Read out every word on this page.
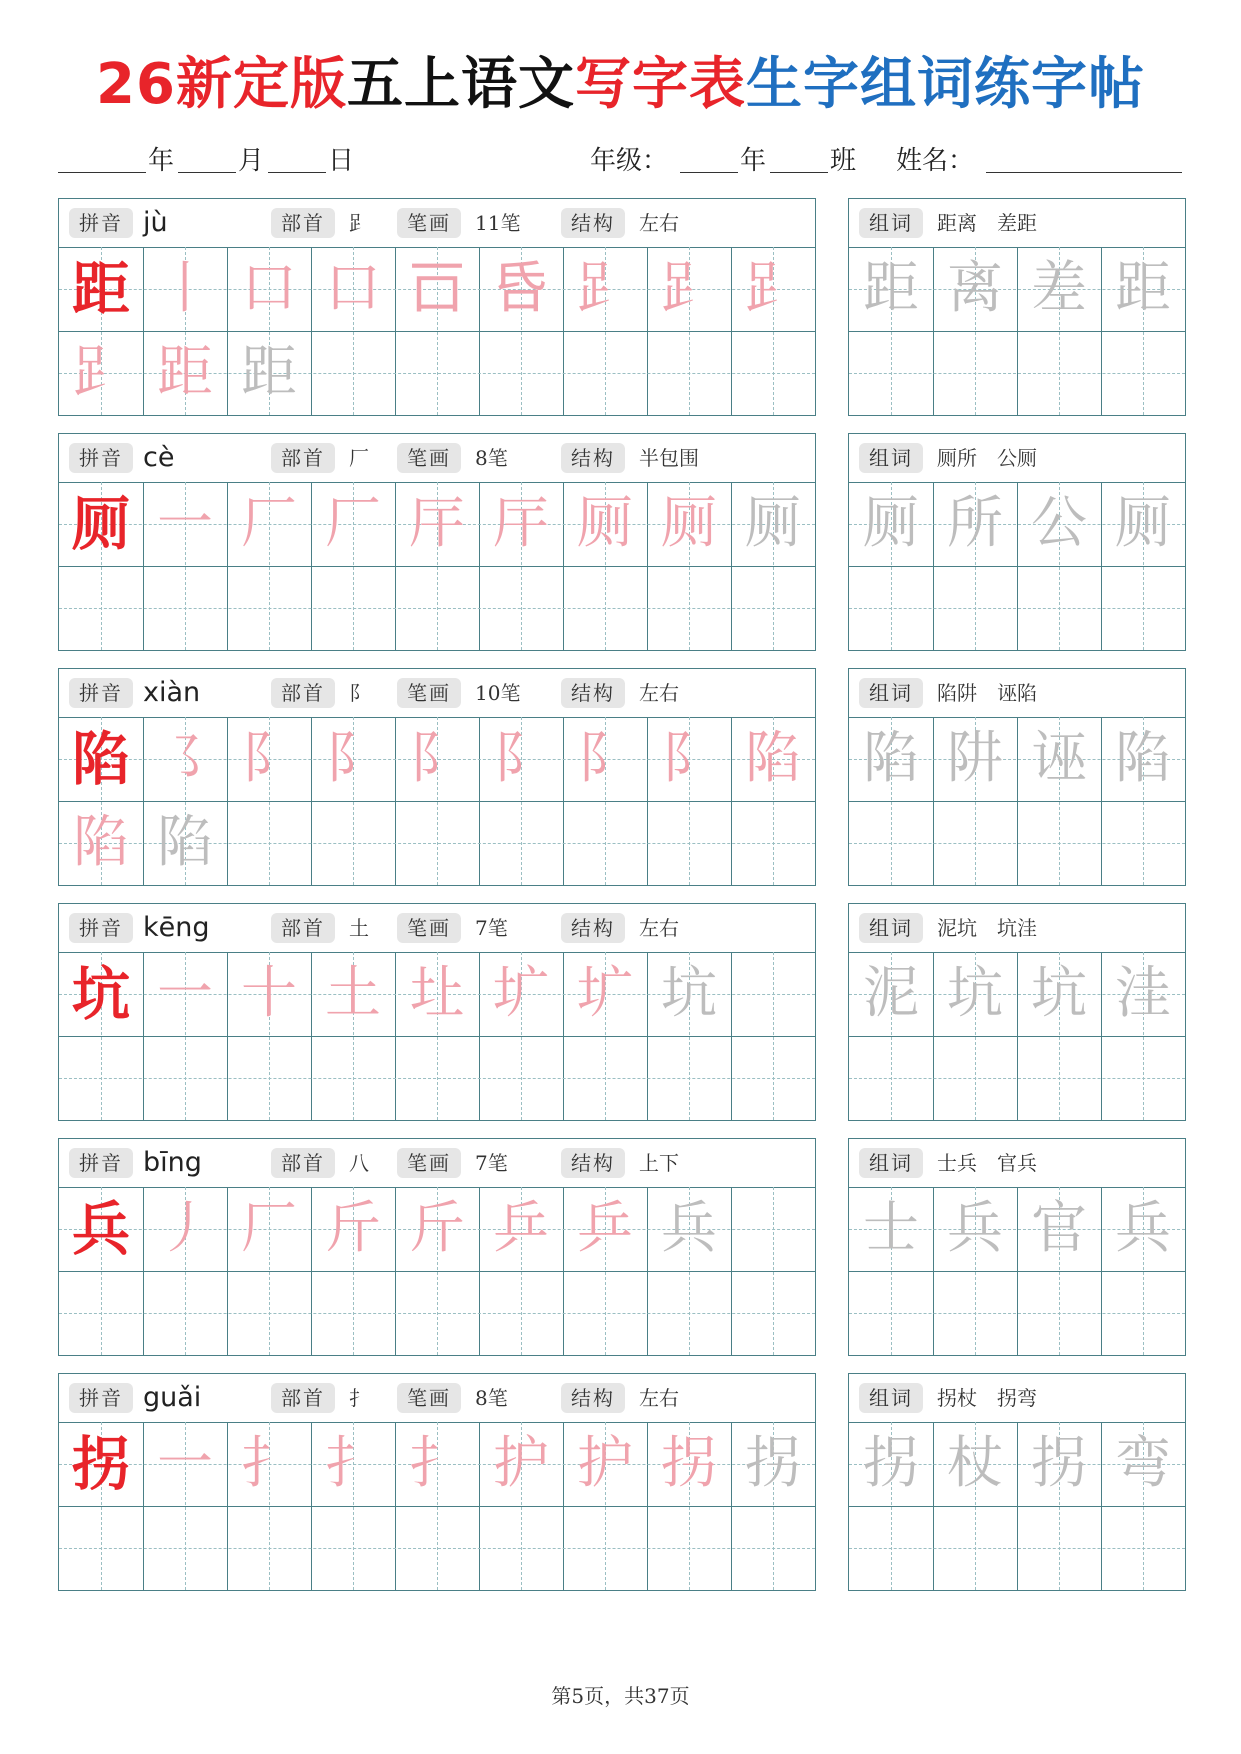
26新定版五上语文写字表生字组词练字帖
年 月 日	年级：	年 班 姓名：
拼音 jù	部首	𧾷	笔画	11笔	结构	左右
距 丨 口 口 𠮛 𠯑 𧾷 𧾷 𧾷
𧾷 距 距
组词	距离　差距
距 离 差 距
拼音 cè	部首	厂	笔画	8笔	结构	半包围
厕 一 厂 厂 厈 厈 厕 厕 厕
组词	厕所　公厕
厕 所 公 厕
拼音 xiàn	部首	阝	笔画	10笔	结构	左右
陷 ㇌ 阝 阝 阝 阝 阝 阝 陷
陷 陷
组词	陷阱　诬陷
陷 阱 诬 陷
拼音 kēng	部首	土	笔画	7笔	结构	左右
坑 一 十 土 圵 圹 圹 坑
组词	泥坑　坑洼
泥 坑 坑 洼
拼音 bīng	部首	八	笔画	7笔	结构	上下
兵 丿 厂 斤 斤 乒 乒 兵
组词	士兵　官兵
士 兵 官 兵
拼音 guǎi	部首	扌	笔画	8笔	结构	左右
拐 一 扌 扌 扌 护 护 拐 拐
组词	拐杖　拐弯
拐 杖 拐 弯
第5页，共37页
